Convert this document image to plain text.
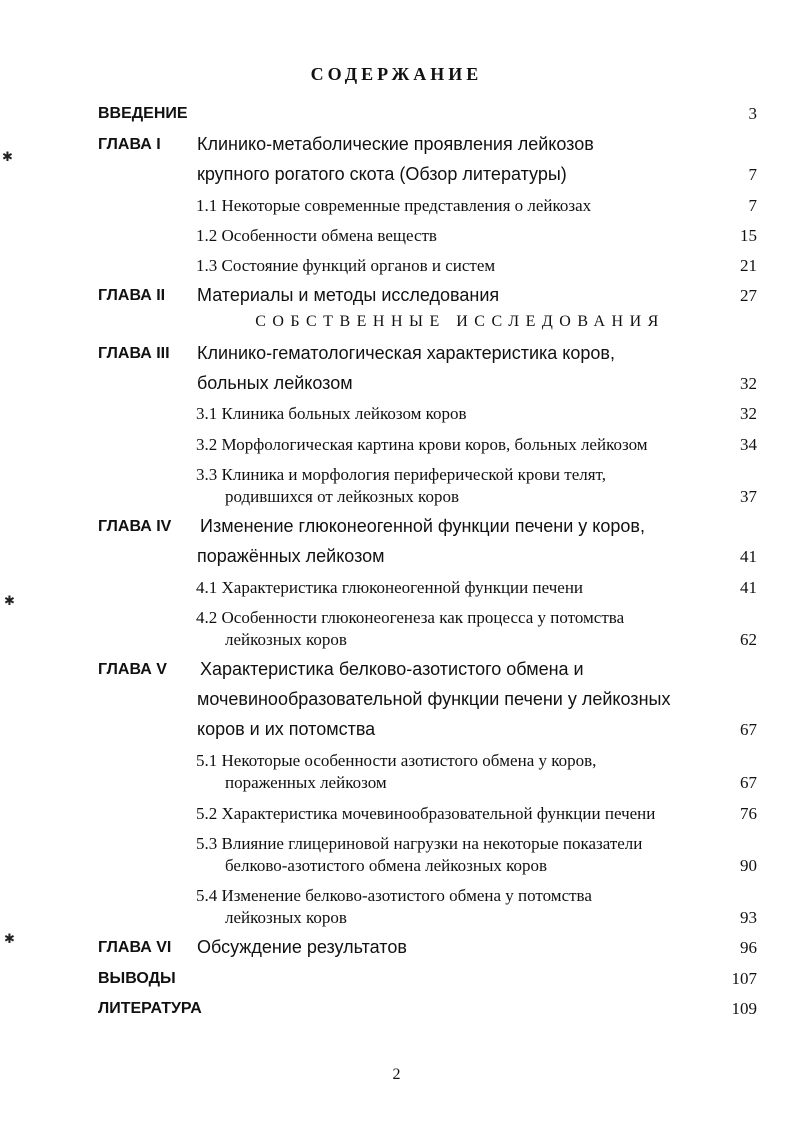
СОДЕРЖАНИЕ
✱
✱
✱
ВВЕДЕНИЕ	3
ГЛАВА I Клинико-метаболические проявления лейкозов
крупного рогатого скота (Обзор литературы)	7
1.1 Некоторые современные представления о лейкозах	7
1.2 Особенности обмена веществ	15
1.3 Состояние функций органов и систем	21
ГЛАВА II Материалы и методы исследования	27
СОБСТВЕННЫЕ ИССЛЕДОВАНИЯ
ГЛАВА III Клинико-гематологическая характеристика коров,
больных лейкозом	32
3.1 Клиника больных лейкозом коров	32
3.2 Морфологическая картина крови коров, больных лейкозом	34
3.3 Клиника и морфология периферической крови телят,
родившихся от лейкозных коров	37
ГЛАВА IV Изменение глюконеогенной функции печени у коров,
поражённых лейкозом	41
4.1 Характеристика глюконеогенной функции печени	41
4.2 Особенности глюконеогенеза как процесса у потомства
лейкозных коров	62
ГЛАВА V Характеристика белково-азотистого обмена и
мочевинообразовательной функции печени у лейкозных
коров и их потомства	67
5.1 Некоторые особенности азотистого обмена у коров,
пораженных лейкозом	67
5.2 Характеристика мочевинообразовательной функции печени	76
5.3 Влияние глицериновой нагрузки на некоторые показатели
белково-азотистого обмена лейкозных коров	90
5.4 Изменение белково-азотистого обмена у потомства
лейкозных коров	93
ГЛАВА VI Обсуждение результатов	96
ВЫВОДЫ	107
ЛИТЕРАТУРА	109
2
